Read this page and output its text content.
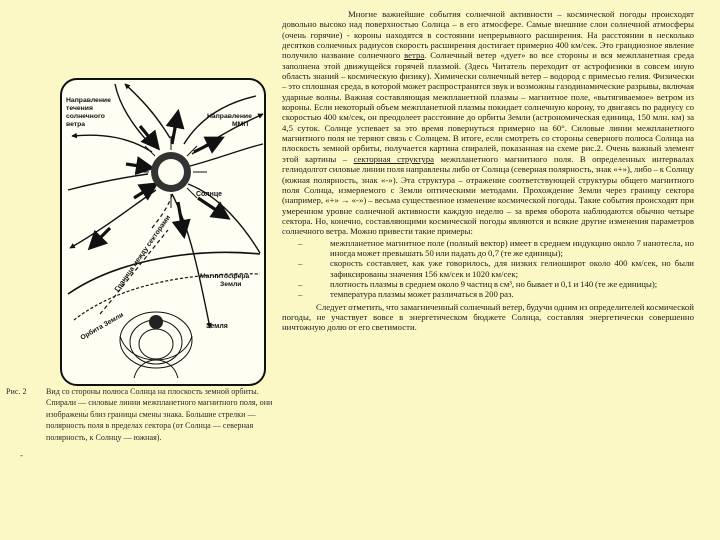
Направление течения солнечного ветра
Направление ММП
Солнце
Граница между секторами	Магнитосфера Земли
Орбита Земли	Земля
Рис. 2 Вид со стороны полюса Солнца на плоскость земной орбиты. Спирали — силовые линии межпланетного магнитного поля, они изображены близ границы смены знака. Большие стрелки — полярность поля в пределах сектора (от Солнца — северная полярность, к Солнцу — южная).
-

Многие важнейшие события солнечной активности – космической погоды происходят довольно высоко над поверхностью Солнца – в его атмосфере. Самые внешние слои солнечной атмосферы (очень горячие) - короны находятся в состоянии непрерывного расширения. На расстоянии в несколько десятков солнечных радиусов скорость расширения достигает примерно 400 км/сек. Это грандиозное явление получило название солнечного ветра. Солнечный ветер «дует» во все стороны и вся межпланетная среда заполнена этой движущейся горячей плазмой. (Здесь Читатель переходит от астрофизики в совсем иную область знаний – космическую физику). Химически солнечный ветер – водород с примесью гелия. Физически – это сплошная среда, в которой может распространятся звук и возможны газодинамические разрывы, включая ударные волны. Важная составляющая межпланетной плазмы – магнитное поле, «вытягиваемое» ветром из короны. Если некоторый объем межпланетной плазмы покидает солнечную корону, то двигаясь по радиусу со скоростью 400 км/сек, он преодолеет расстояние до орбиты Земли (астрономическая единица, 150 млн. км) за 4,5 суток. Солнце успевает за это время повернуться примерно на 60°. Силовые линии межпланетного магнитного поля не теряют связь с Солнцем. В итоге, если смотреть со стороны северного полюса Солнца на плоскость земной орбиты, получается картина спиралей, показанная на схеме рис.2. Очень важный элемент этой картины – секторная структура межпланетного магнитного поля. В определенных интервалах гелиодолгот силовые линии поля направлены либо от Солнца (северная полярность, знак «+»), либо – к Солнцу (южная полярность, знак «-»). Эта структура – отражение соответствующей структуры общего магнитного поля Солнца, измеряемого с Земли оптическими методами. Прохождение Земли через границу сектора (например, «+» → «-») – весьма существенное изменение космической погоды. Такие события происходят при умеренном уровне солнечной активности каждую неделю – за время оборота наблюдаются обычно четыре сектора. Но, конечно, составляющими космической погоды являются и всякие другие изменения параметров солнечного ветра. Можно привести такие примеры:

– межпланетное магнитное поле (полный вектор) имеет в среднем индукцию около 7 нанотесла, но иногда может превышать 50 или падать до 0,7 (те же единицы);
– скорость составляет, как уже говорилось, для низких гелиоширот около 400 км/сек, но были зафиксированы значения 156 км/сек и 1020 км/сек;
– плотность плазмы в среднем около 9 частиц в см³, но бывает и 0,1 и 140 (те же единицы);
– температура плазмы может различаться в 200 раз.

Следует отметить, что замагниченный солнечный ветер, будучи одним из определителей космической погоды, не участвует вовсе в энергетическом бюджете Солнца, составляя энергетически совершенно ничтожную долю от его светимости.
